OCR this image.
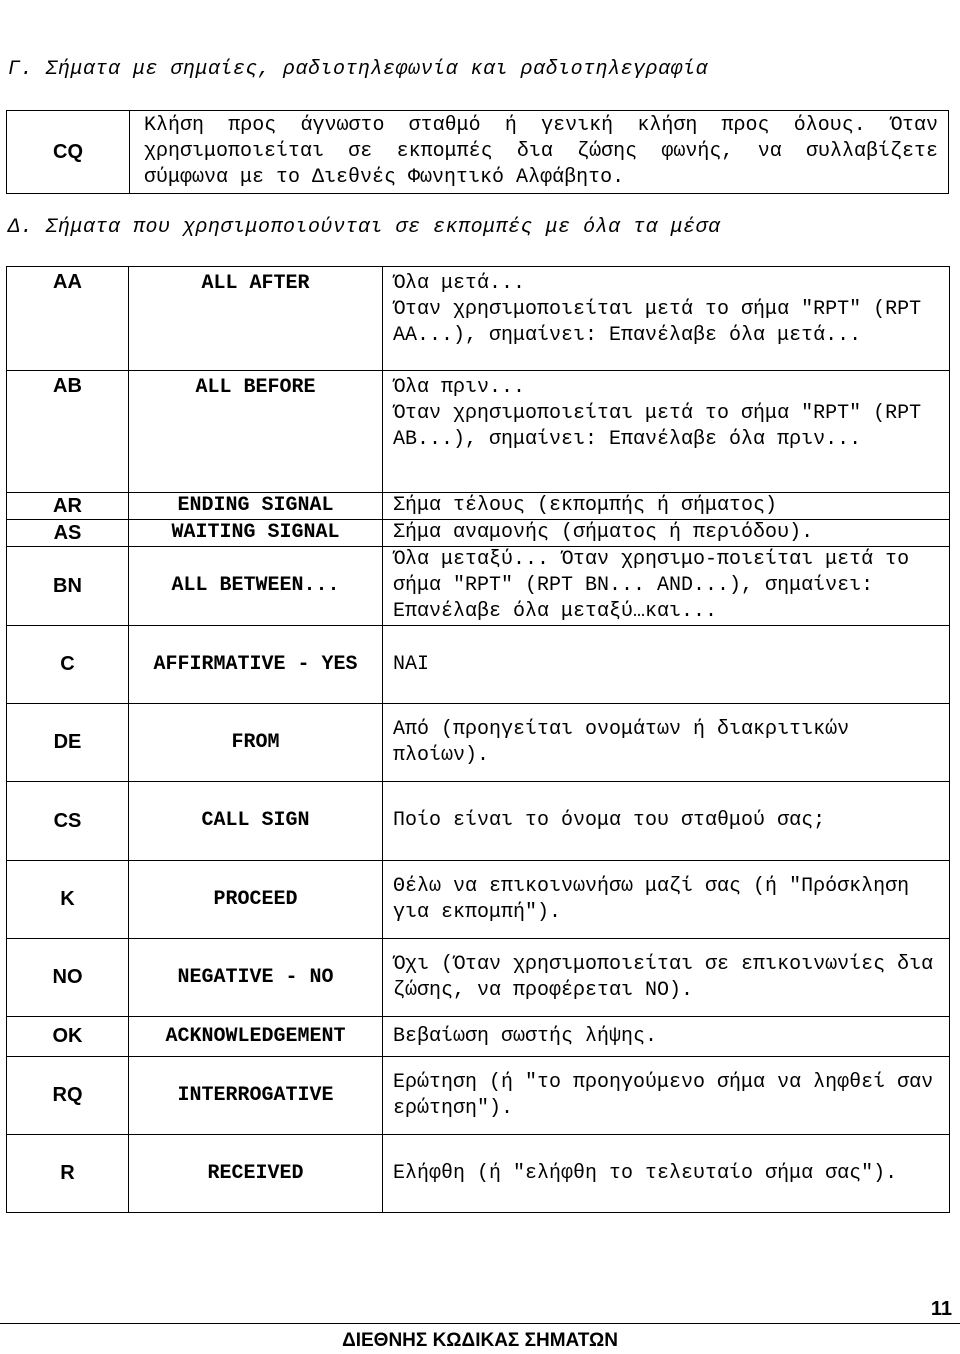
Γ. Σήματα με σημαίες, ραδιοτηλεφωνία και ραδιοτηλεγραφία
CQ	Κλήση προς άγνωστο σταθμό ή γενική κλήση προς όλους. Όταν χρησιμοποιείται σε εκπομπές δια ζώσης φωνής, να συλλαβίζετε σύμφωνα με το Διεθνές Φωνητικό Αλφάβητο.
Δ. Σήματα που χρησιμοποιούνται σε εκπομπές με όλα τα μέσα
AA	ALL AFTER	Όλα μετά...
Όταν χρησιμοποιείται μετά το σήμα "RPT" (RPT AA...), σημαίνει: Επανέλαβε όλα μετά...
AB	ALL BEFORE	Όλα πριν...
Όταν χρησιμοποιείται μετά το σήμα "RPT" (RPT AB...), σημαίνει: Επανέλαβε όλα πριν...
AR	ENDING SIGNAL	Σήμα τέλους (εκπομπής ή σήματος)
AS	WAITING SIGNAL	Σήμα αναμονής (σήματος ή περιόδου).
BN	ALL BETWEEN...	Όλα μεταξύ... Όταν χρησιμο-ποιείται μετά το σήμα "RPT" (RPT BN... AND...), σημαίνει: Επανέλαβε όλα μεταξύ…και...
C	AFFIRMATIVE - YES	ΝΑΙ
DE	FROM	Από (προηγείται ονομάτων ή διακριτικών πλοίων).
CS	CALL SIGN	Ποίο είναι το όνομα του σταθμού σας;
K	PROCEED	Θέλω να επικοινωνήσω μαζί σας (ή "Πρόσκληση για εκπομπή").
NO	NEGATIVE - NO	Όχι (Όταν χρησιμοποιείται σε επικοινωνίες δια ζώσης, να προφέρεται ΝΟ).
OK	ACKNOWLEDGEMENT	Βεβαίωση σωστής λήψης.
RQ	INTERROGATIVE	Ερώτηση (ή "το προηγούμενο σήμα να ληφθεί σαν ερώτηση").
R	RECEIVED	Ελήφθη (ή "ελήφθη το τελευταίο σήμα σας").
11
ΔΙΕΘΝΗΣ ΚΩΔΙΚΑΣ ΣΗΜΑΤΩΝ
